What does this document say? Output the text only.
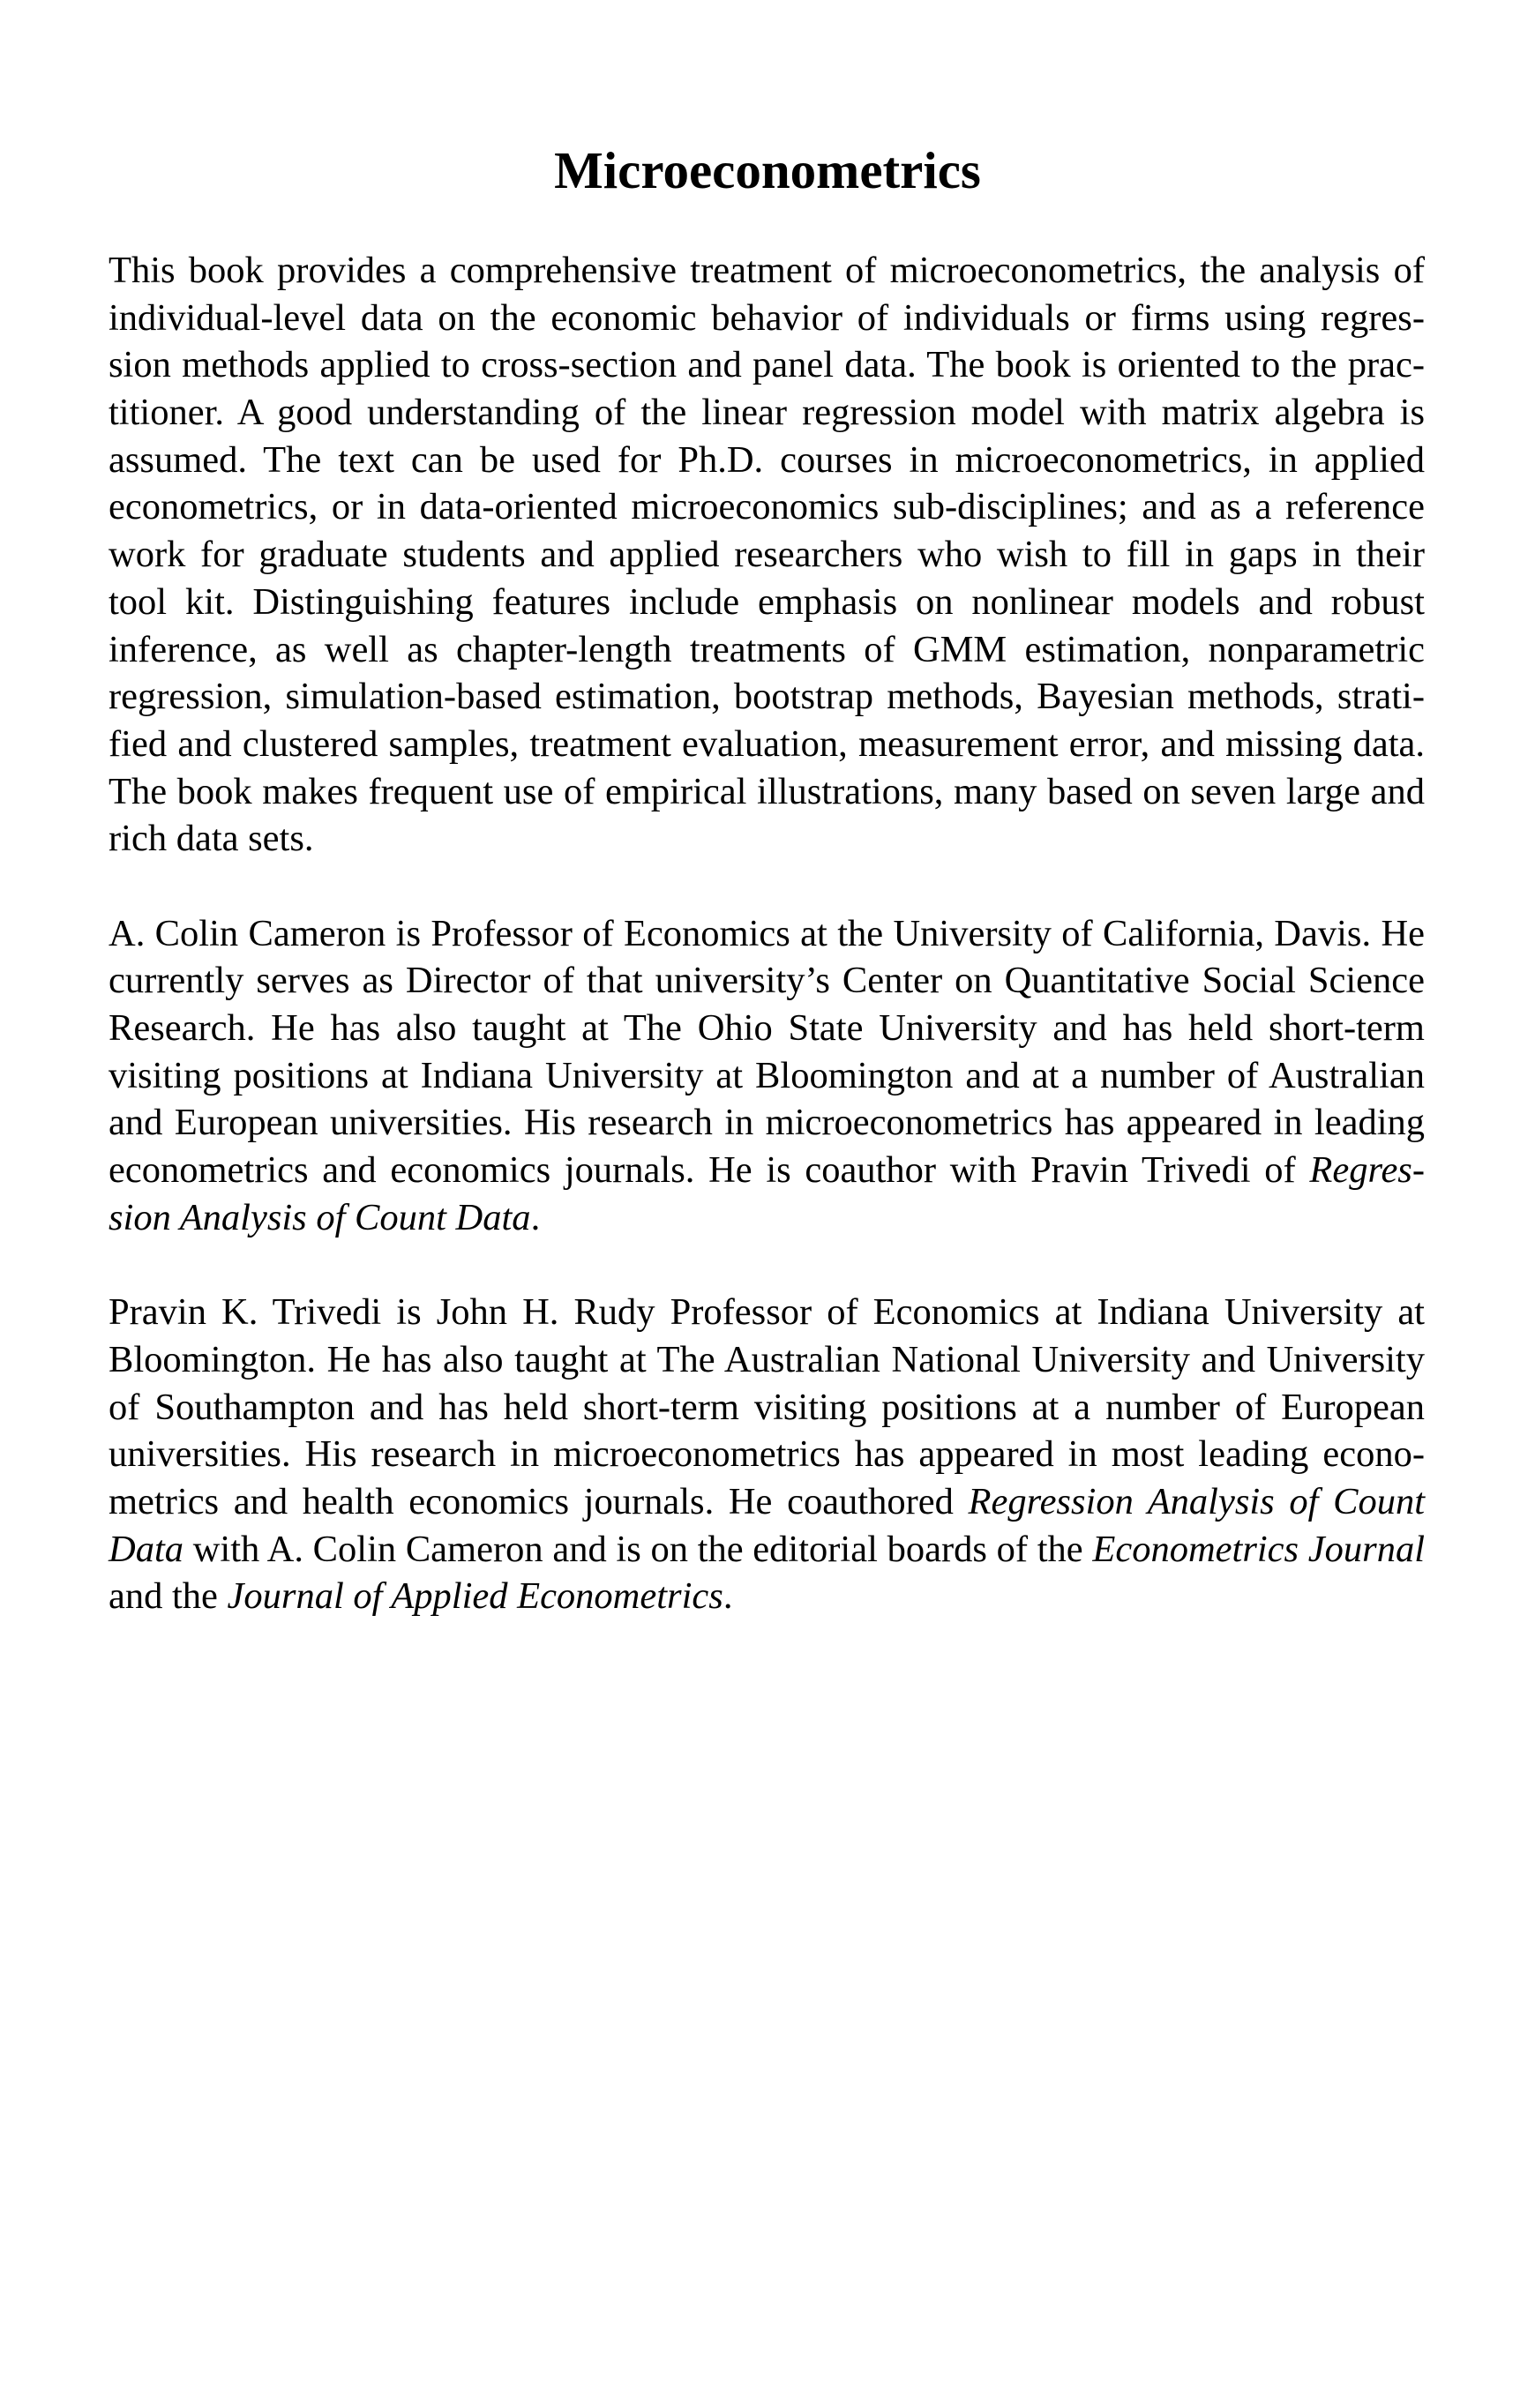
Microeconometrics
This book provides a comprehensive treatment of microeconometrics, the analysis of
individual-level data on the economic behavior of individuals or firms using regres-
sion methods applied to cross-section and panel data. The book is oriented to the prac-
titioner. A good understanding of the linear regression model with matrix algebra is
assumed. The text can be used for Ph.D. courses in microeconometrics, in applied
econometrics, or in data-oriented microeconomics sub-disciplines; and as a reference
work for graduate students and applied researchers who wish to fill in gaps in their
tool kit. Distinguishing features include emphasis on nonlinear models and robust
inference, as well as chapter-length treatments of GMM estimation, nonparametric
regression, simulation-based estimation, bootstrap methods, Bayesian methods, strati-
fied and clustered samples, treatment evaluation, measurement error, and missing data.
The book makes frequent use of empirical illustrations, many based on seven large and
rich data sets.
A. Colin Cameron is Professor of Economics at the University of California, Davis. He
currently serves as Director of that university’s Center on Quantitative Social Science
Research. He has also taught at The Ohio State University and has held short-term
visiting positions at Indiana University at Bloomington and at a number of Australian
and European universities. His research in microeconometrics has appeared in leading
econometrics and economics journals. He is coauthor with Pravin Trivedi of Regres-
sion Analysis of Count Data.
Pravin K. Trivedi is John H. Rudy Professor of Economics at Indiana University at
Bloomington. He has also taught at The Australian National University and University
of Southampton and has held short-term visiting positions at a number of European
universities. His research in microeconometrics has appeared in most leading econo-
metrics and health economics journals. He coauthored Regression Analysis of Count
Data with A. Colin Cameron and is on the editorial boards of the Econometrics Journal
and the Journal of Applied Econometrics.
